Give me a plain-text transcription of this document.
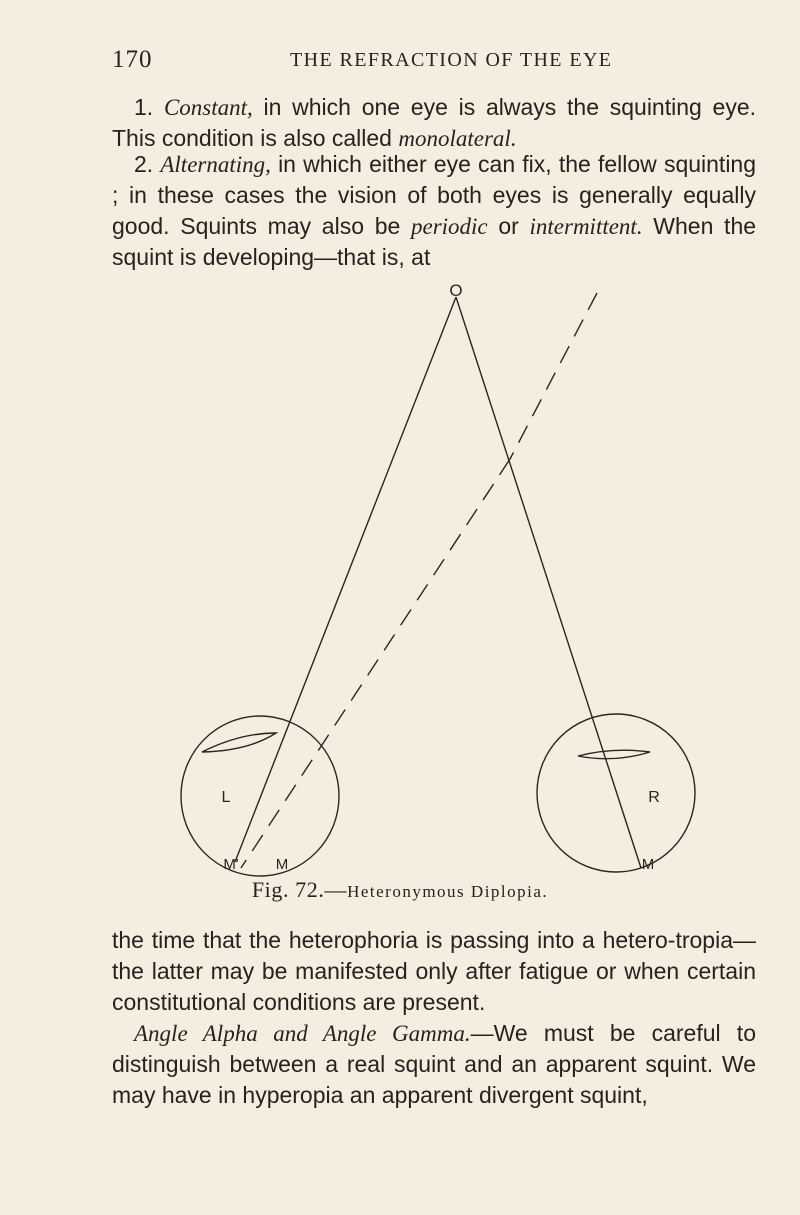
170	THE REFRACTION OF THE EYE

1. Constant, in which one eye is always the squinting eye. This condition is also called monolateral.

2. Alternating, in which either eye can fix, the fellow squinting ; in these cases the vision of both eyes is generally equally good. Squints may also be periodic or intermittent. When the squint is developing—that is, at

O
L	R
M' M	M
Fig. 72.—Heteronymous Diplopia.

the time that the heterophoria is passing into a hetero-tropia—the latter may be manifested only after fatigue or when certain constitutional conditions are present.

Angle Alpha and Angle Gamma.—We must be careful to distinguish between a real squint and an apparent squint. We may have in hyperopia an apparent divergent squint,
